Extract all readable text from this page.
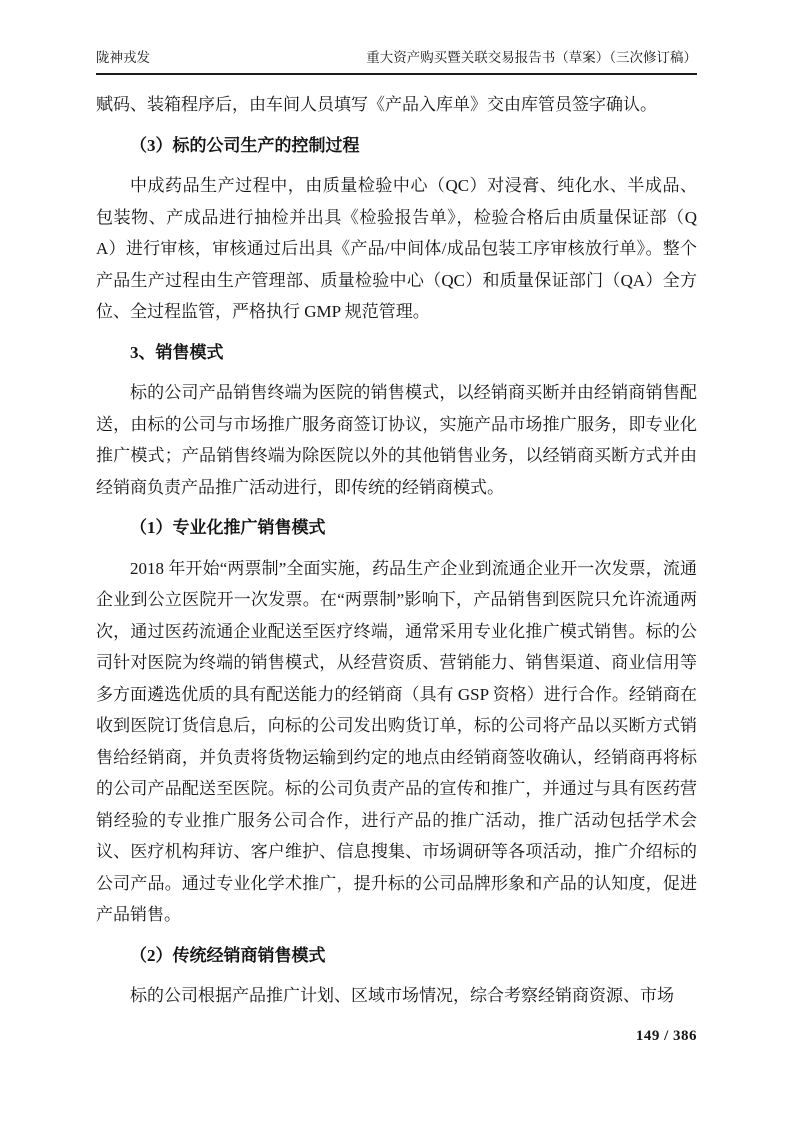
陇神戎发	重大资产购买暨关联交易报告书（草案）（三次修订稿）

赋码、装箱程序后，由车间人员填写《产品入库单》交由库管员签字确认。

（3）标的公司生产的控制过程

中成药品生产过程中，由质量检验中心（QC）对浸膏、纯化水、半成品、包装物、产成品进行抽检并出具《检验报告单》，检验合格后由质量保证部（QA）进行审核，审核通过后出具《产品/中间体/成品包装工序审核放行单》。整个产品生产过程由生产管理部、质量检验中心（QC）和质量保证部门（QA）全方位、全过程监管，严格执行 GMP 规范管理。

3、销售模式

标的公司产品销售终端为医院的销售模式，以经销商买断并由经销商销售配送，由标的公司与市场推广服务商签订协议，实施产品市场推广服务，即专业化推广模式；产品销售终端为除医院以外的其他销售业务，以经销商买断方式并由经销商负责产品推广活动进行，即传统的经销商模式。

（1）专业化推广销售模式

2018 年开始“两票制”全面实施，药品生产企业到流通企业开一次发票，流通企业到公立医院开一次发票。在“两票制”影响下，产品销售到医院只允许流通两次，通过医药流通企业配送至医疗终端，通常采用专业化推广模式销售。标的公司针对医院为终端的销售模式，从经营资质、营销能力、销售渠道、商业信用等多方面遴选优质的具有配送能力的经销商（具有 GSP 资格）进行合作。经销商在收到医院订货信息后，向标的公司发出购货订单，标的公司将产品以买断方式销售给经销商，并负责将货物运输到约定的地点由经销商签收确认，经销商再将标的公司产品配送至医院。标的公司负责产品的宣传和推广，并通过与具有医药营销经验的专业推广服务公司合作，进行产品的推广活动，推广活动包括学术会议、医疗机构拜访、客户维护、信息搜集、市场调研等各项活动，推广介绍标的公司产品。通过专业化学术推广，提升标的公司品牌形象和产品的认知度，促进产品销售。

（2）传统经销商销售模式

标的公司根据产品推广计划、区域市场情况，综合考察经销商资源、市场

149 / 386
